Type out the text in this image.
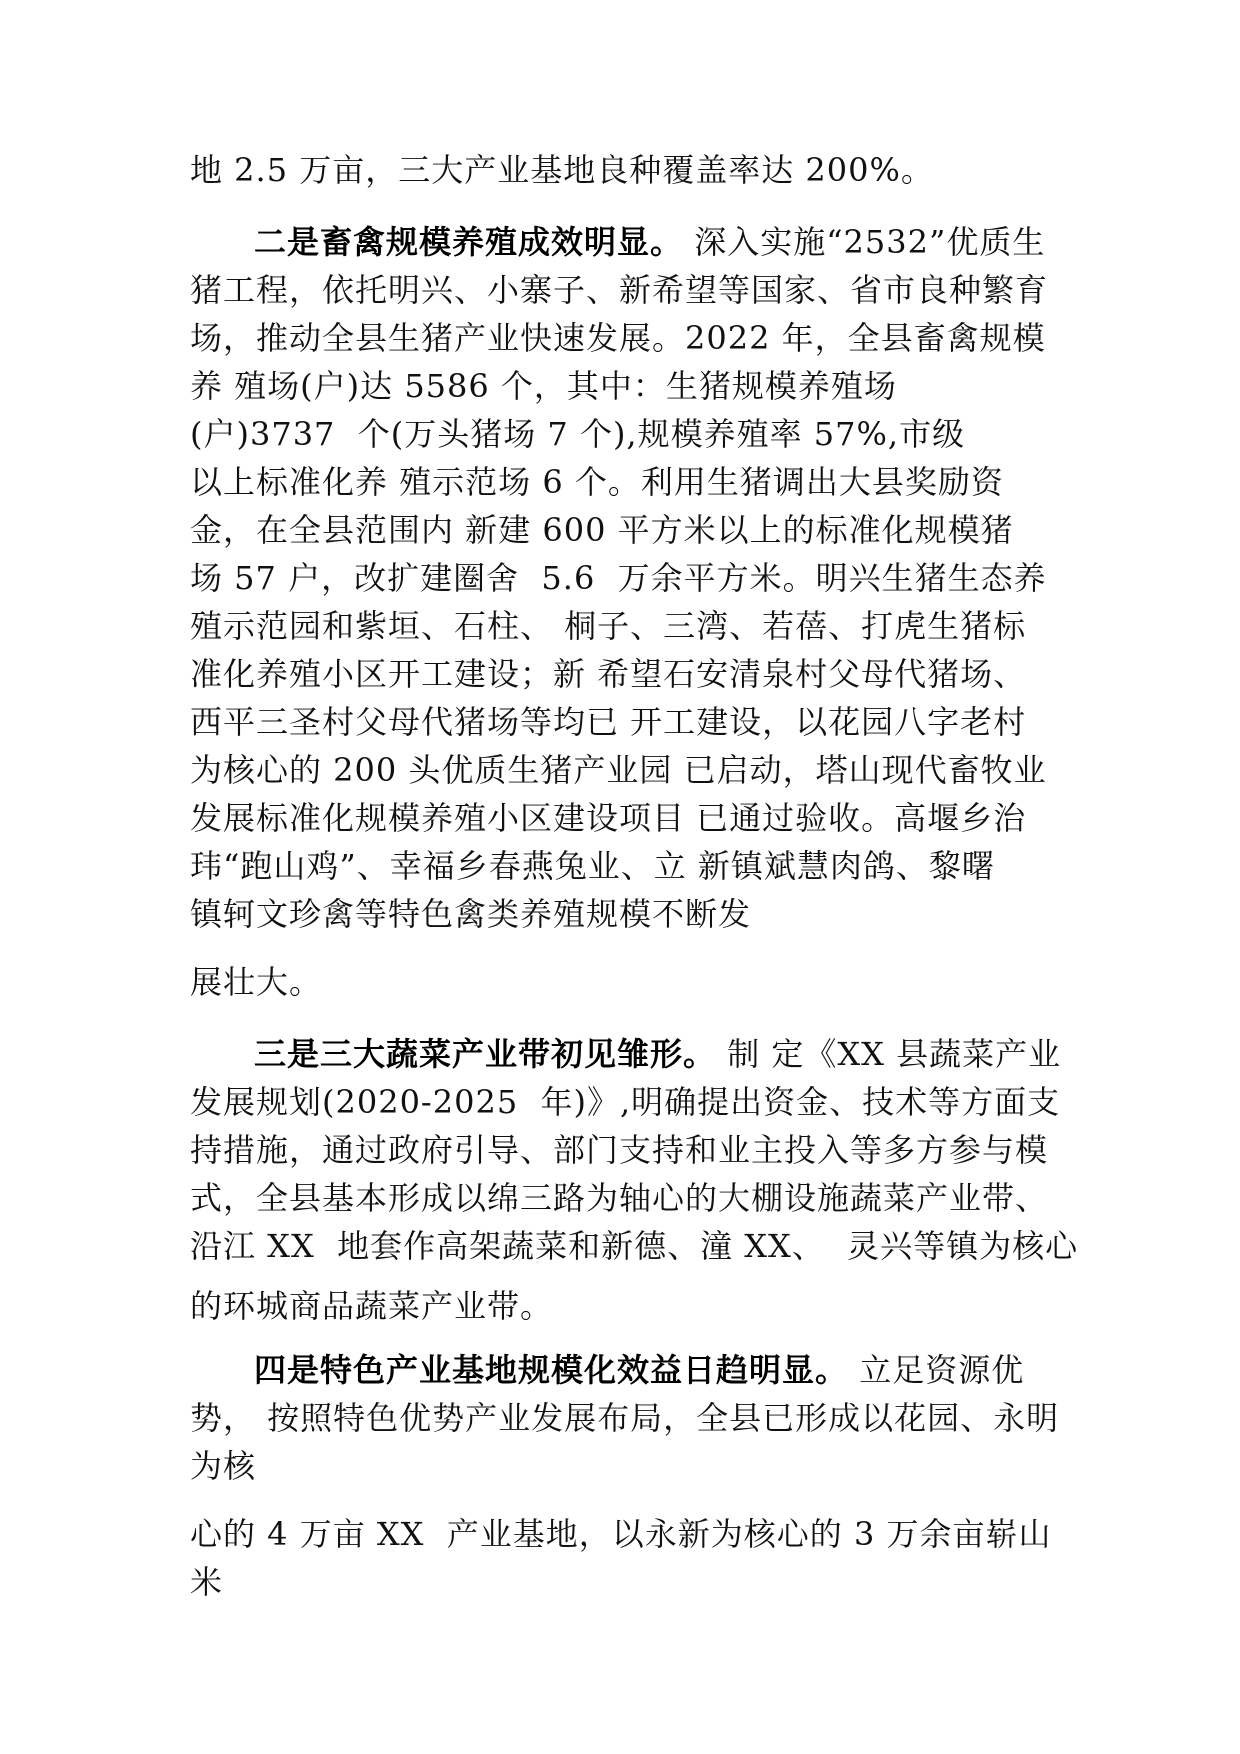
地 2.5 万亩，三大产业基地良种覆盖率达 200%。
二是畜禽规模养殖成效明显。 深入实施“2532”优质生
猪工程，依托明兴、小寨子、新希望等国家、省市良种繁育
场，推动全县生猪产业快速发展。2022 年，全县畜禽规模
养 殖场(户)达 5586 个，其中：生猪规模养殖场
(户)3737  个(万头猪场 7 个),规模养殖率 57%,市级
以上标准化养 殖示范场 6 个。利用生猪调出大县奖励资
金，在全县范围内 新建 600 平方米以上的标准化规模猪
场 57 户，改扩建圈舍  5.6  万余平方米。明兴生猪生态养
殖示范园和紫垣、石柱、 桐子、三湾、若蓓、打虎生猪标
准化养殖小区开工建设；新 希望石安清泉村父母代猪场、
西平三圣村父母代猪场等均已 开工建设，以花园八字老村
为核心的 200 头优质生猪产业园 已启动，塔山现代畜牧业
发展标准化规模养殖小区建设项目 已通过验收。高堰乡治
玮“跑山鸡”、幸福乡春燕兔业、立 新镇斌慧肉鸽、黎曙
镇轲文珍禽等特色禽类养殖规模不断发
展壮大。
三是三大蔬菜产业带初见雏形。 制 定《XX 县蔬菜产业
发展规划(2020-2025  年)》,明确提出资金、技术等方面支
持措施，通过政府引导、部门支持和业主投入等多方参与模
式，全县基本形成以绵三路为轴心的大棚设施蔬菜产业带、
沿江 XX  地套作高架蔬菜和新德、潼 XX、  灵兴等镇为核心
的环城商品蔬菜产业带。
四是特色产业基地规模化效益日趋明显。 立足资源优
势， 按照特色优势产业发展布局，全县已形成以花园、永明
为核
心的 4 万亩 XX  产业基地，以永新为核心的 3 万余亩崭山
米
